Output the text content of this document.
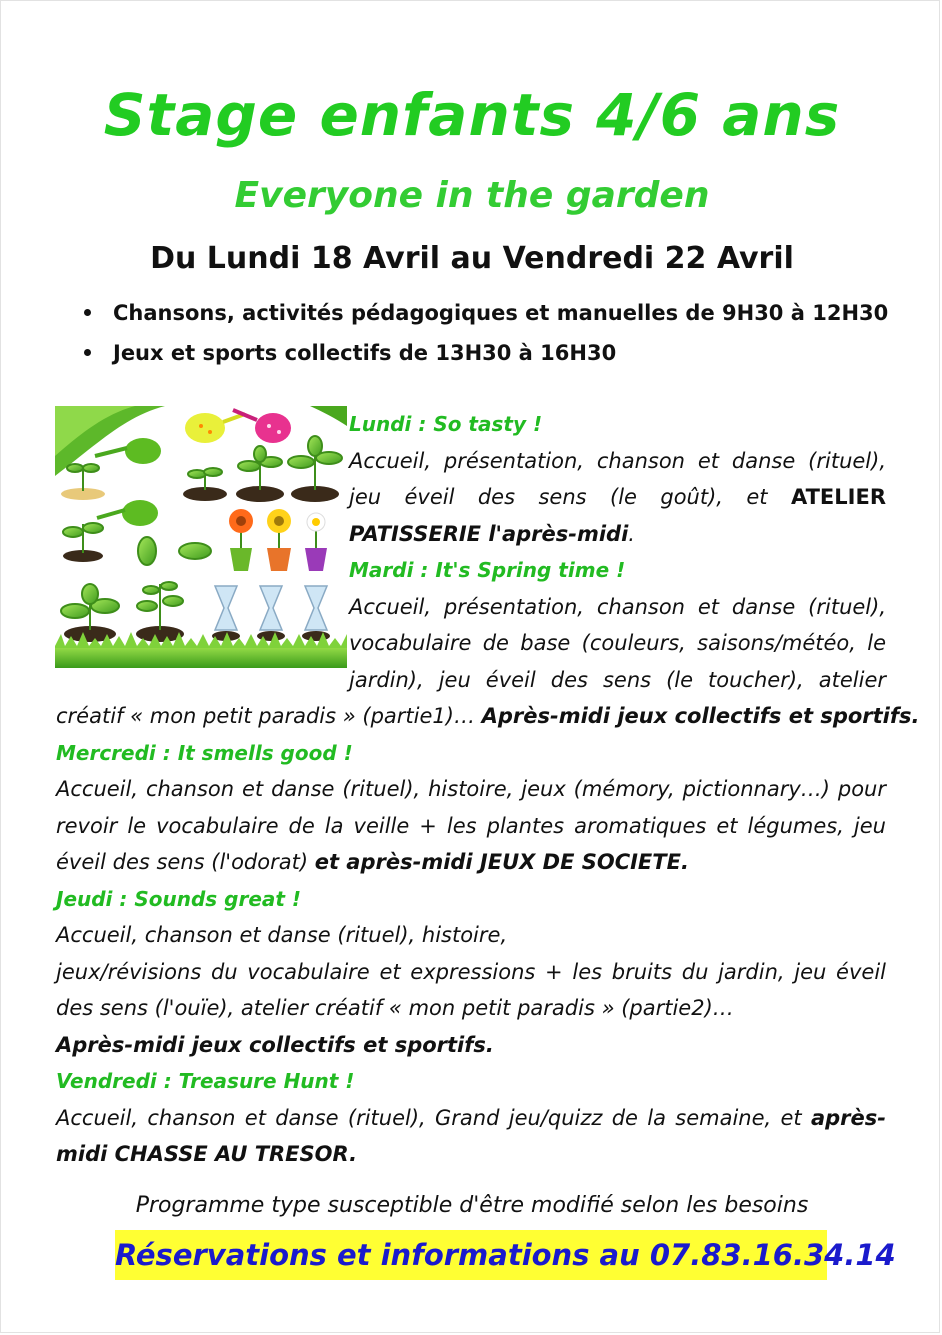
Stage enfants 4/6 ans
Everyone in the garden
Du Lundi 18 Avril au Vendredi 22 Avril
Chansons, activités pédagogiques et manuelles de 9H30 à 12H30
Jeux et sports collectifs de 13H30 à 16H30
Lundi : So tasty !
Accueil, présentation, chanson et danse (rituel),
jeu éveil des sens (le goût), et ATELIER
PATISSERIE l'après-midi.
Mardi : It's Spring time !
Accueil, présentation, chanson et danse (rituel),
vocabulaire de base (couleurs, saisons/météo, le
jardin), jeu éveil des sens (le toucher), atelier
créatif « mon petit paradis » (partie1)… Après-midi jeux collectifs et sportifs.
Mercredi : It smells good !
Accueil, chanson et danse (rituel), histoire, jeux (mémory, pictionnary…) pour revoir le vocabulaire de la veille + les plantes aromatiques et légumes, jeu éveil des sens (l'odorat) et après-midi JEUX DE SOCIETE.
Jeudi : Sounds great !
Accueil, chanson et danse (rituel), histoire,
jeux/révisions du vocabulaire et expressions + les bruits du jardin, jeu éveil des sens (l'ouïe), atelier créatif « mon petit paradis » (partie2)…
Après-midi jeux collectifs et sportifs.
Vendredi : Treasure Hunt !
Accueil, chanson et danse (rituel), Grand jeu/quizz de la semaine, et après-midi CHASSE AU TRESOR.
Programme type susceptible d'être modifié selon les besoins
Réservations et informations au 07.83.16.34.14
